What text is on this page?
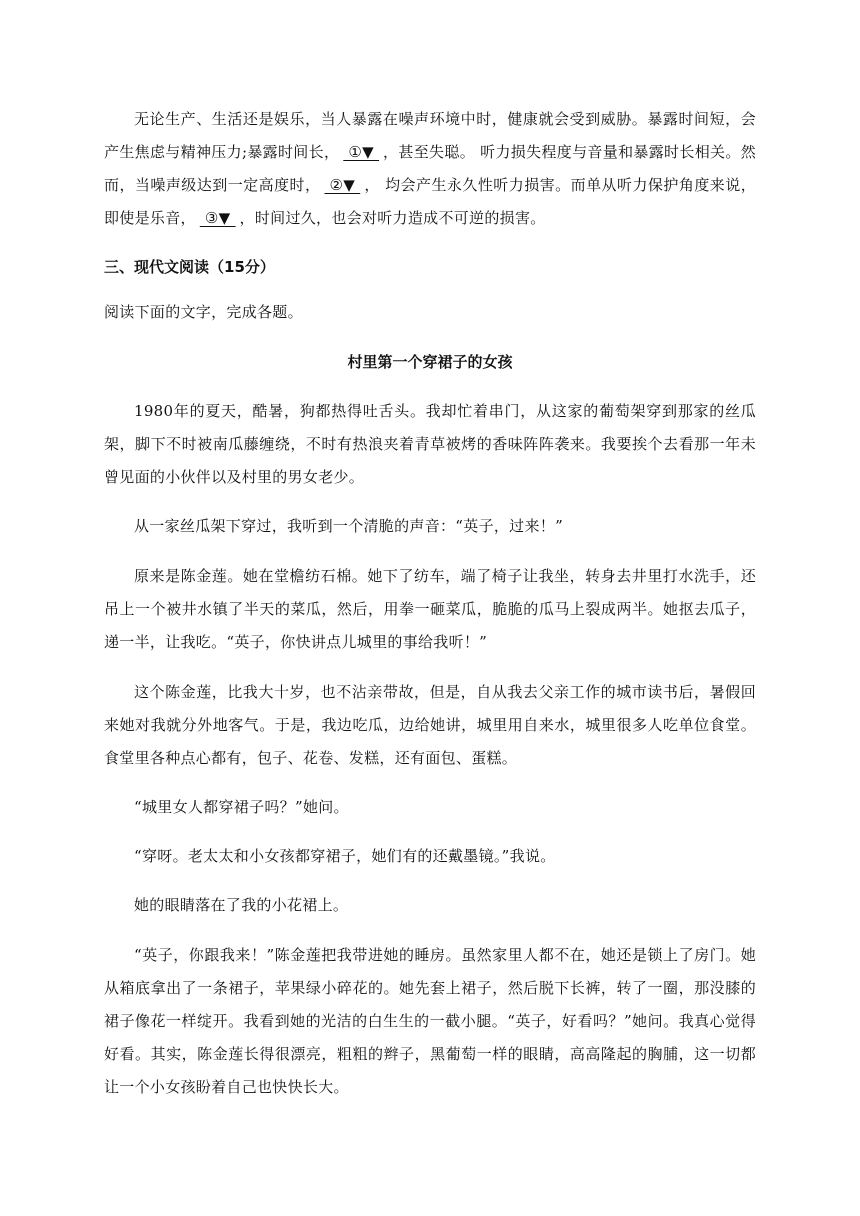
无论生产、生活还是娱乐，当人暴露在噪声环境中时，健康就会受到威胁。暴露时间短，会产生焦虑与精神压力;暴露时间长， ①▼ ，甚至失聪。 听力损失程度与音量和暴露时长相关。然而，当噪声级达到一定高度时， ②▼ ， 均会产生永久性听力损害。而单从听力保护角度来说，即使是乐音， ③▼ ，时间过久，也会对听力造成不可逆的损害。

三、现代文阅读（15分）

阅读下面的文字，完成各题。

村里第一个穿裙子的女孩

1980年的夏天，酷暑，狗都热得吐舌头。我却忙着串门，从这家的葡萄架穿到那家的丝瓜架，脚下不时被南瓜藤缠绕，不时有热浪夹着青草被烤的香味阵阵袭来。我要挨个去看那一年未曾见面的小伙伴以及村里的男女老少。

从一家丝瓜架下穿过，我听到一个清脆的声音：“英子，过来！”

原来是陈金莲。她在堂檐纺石棉。她下了纺车，端了椅子让我坐，转身去井里打水洗手，还吊上一个被井水镇了半天的菜瓜，然后，用拳一砸菜瓜，脆脆的瓜马上裂成两半。她抠去瓜子，递一半，让我吃。“英子，你快讲点儿城里的事给我听！”

这个陈金莲，比我大十岁，也不沾亲带故，但是，自从我去父亲工作的城市读书后，暑假回来她对我就分外地客气。于是，我边吃瓜，边给她讲，城里用自来水，城里很多人吃单位食堂。食堂里各种点心都有，包子、花卷、发糕，还有面包、蛋糕。

“城里女人都穿裙子吗？”她问。

“穿呀。老太太和小女孩都穿裙子，她们有的还戴墨镜。”我说。

她的眼睛落在了我的小花裙上。

“英子，你跟我来！”陈金莲把我带进她的睡房。虽然家里人都不在，她还是锁上了房门。她从箱底拿出了一条裙子，苹果绿小碎花的。她先套上裙子，然后脱下长裤，转了一圈，那没膝的裙子像花一样绽开。我看到她的光洁的白生生的一截小腿。“英子，好看吗？”她问。我真心觉得好看。其实，陈金莲长得很漂亮，粗粗的辫子，黑葡萄一样的眼睛，高高隆起的胸脯，这一切都让一个小女孩盼着自己也快快长大。
